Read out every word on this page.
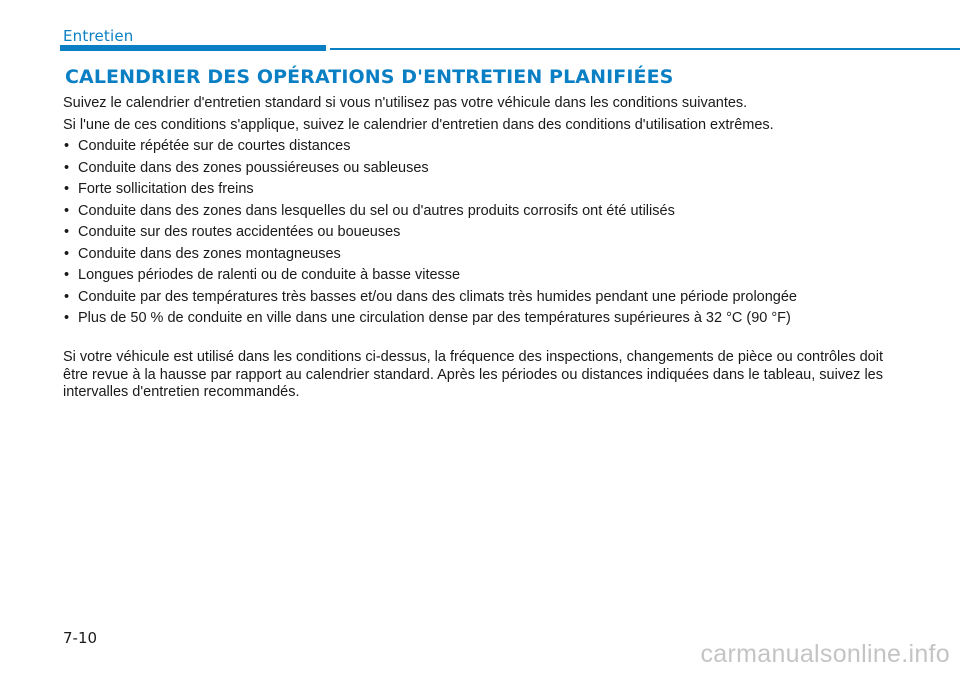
Entretien
CALENDRIER DES OPÉRATIONS D'ENTRETIEN PLANIFIÉES

Suivez le calendrier d'entretien standard si vous n'utilisez pas votre véhicule dans les conditions suivantes.

Si l'une de ces conditions s'applique, suivez le calendrier d'entretien dans des conditions d'utilisation extrêmes.

• Conduite répétée sur de courtes distances
• Conduite dans des zones poussiéreuses ou sableuses
• Forte sollicitation des freins
• Conduite dans des zones dans lesquelles du sel ou d'autres produits corrosifs ont été utilisés
• Conduite sur des routes accidentées ou boueuses
• Conduite dans des zones montagneuses
• Longues périodes de ralenti ou de conduite à basse vitesse
• Conduite par des températures très basses et/ou dans des climats très humides pendant une période prolongée
• Plus de 50 % de conduite en ville dans une circulation dense par des températures supérieures à 32 °C (90 °F)

Si votre véhicule est utilisé dans les conditions ci-dessus, la fréquence des inspections, changements de pièce ou contrôles doit être revue à la hausse par rapport au calendrier standard. Après les périodes ou distances indiquées dans le tableau, suivez les intervalles d'entretien recommandés.

7-10
carmanualsonline.info
